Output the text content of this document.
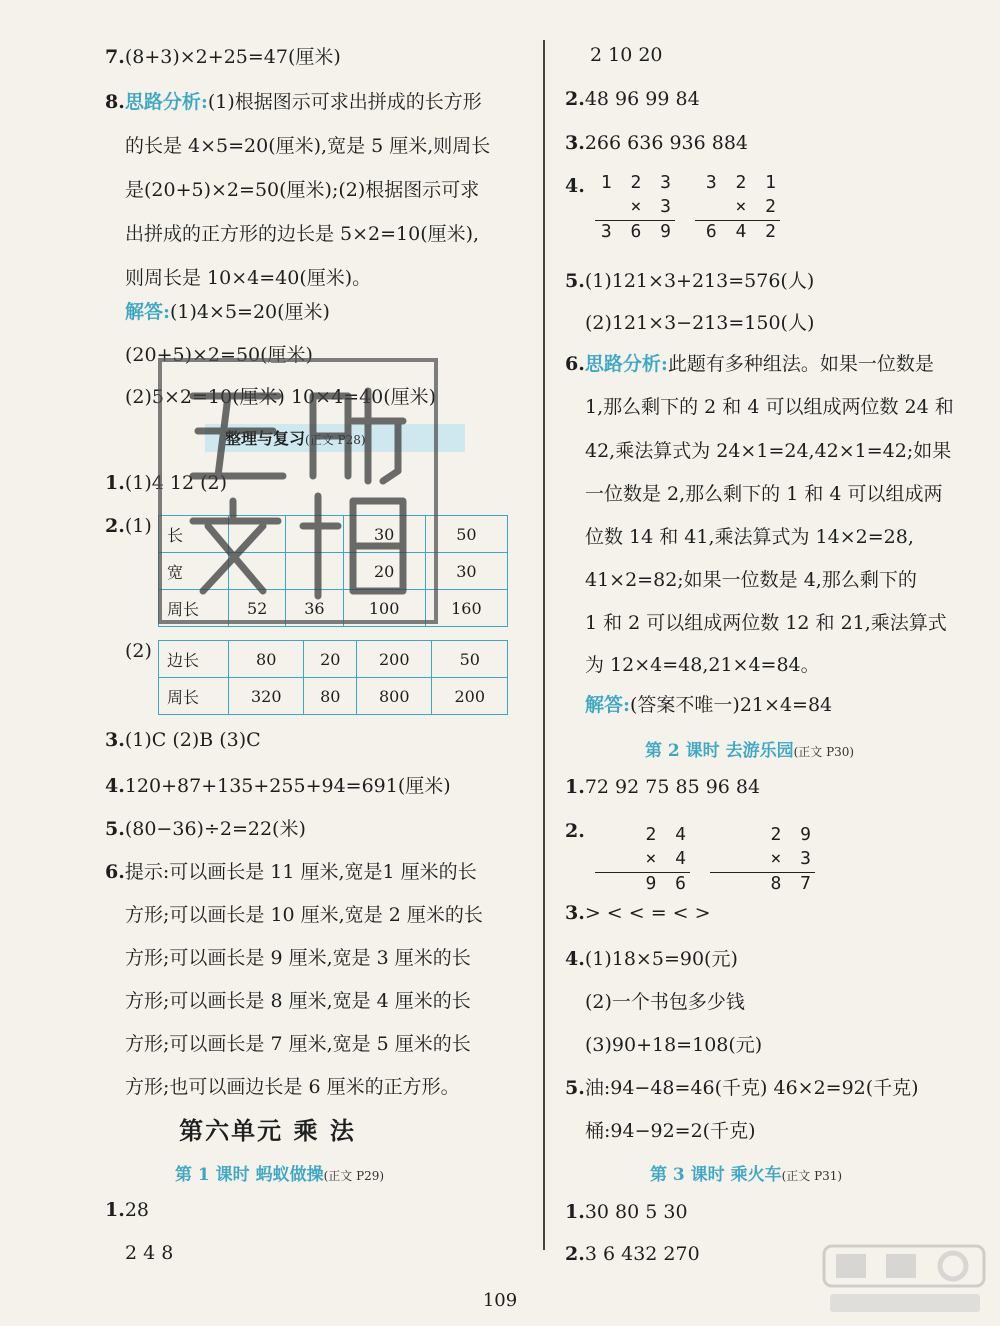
7.(8+3)×2+25=47(厘米)
8.思路分析:(1)根据图示可求出拼成的长方形
的长是 4×5=20(厘米),宽是 5 厘米,则周长
是(20+5)×2=50(厘米);(2)根据图示可求
出拼成的正方形的边长是 5×2=10(厘米),
则周长是 10×4=40(厘米)。
解答:(1)4×5=20(厘米)
(20+5)×2=50(厘米)
(2)5×2=10(厘米) 10×4=40(厘米)
整理与复习(正文 P28)
1.(1)4 12 (2)
2.(1) 长			30	50
宽			20	30
周长	52	36	100	160
(2) 边长	80	20	200	50
周长	320	80	800	200
3.(1)C (2)B (3)C
4.120+87+135+255+94=691(厘米)
5.(80−36)÷2=22(米)
6.提示:可以画长是 11 厘米,宽是1 厘米的长
方形;可以画长是 10 厘米,宽是 2 厘米的长
方形;可以画长是 9 厘米,宽是 3 厘米的长
方形;可以画长是 8 厘米,宽是 4 厘米的长
方形;可以画长是 7 厘米,宽是 5 厘米的长
方形;也可以画边长是 6 厘米的正方形。
第六单元 乘 法
第 1 课时 蚂蚁做操(正文 P29)
1.28
2 4 8
2 10 20
2.48 96 99 84
3.266 636 936 884
4. 1 2 3
× 3
3 6 9
3 2 1
× 2
6 4 2
5.(1)121×3+213=576(人)
(2)121×3−213=150(人)
6.思路分析:此题有多种组法。如果一位数是
1,那么剩下的 2 和 4 可以组成两位数 24 和
42,乘法算式为 24×1=24,42×1=42;如果
一位数是 2,那么剩下的 1 和 4 可以组成两
位数 14 和 41,乘法算式为 14×2=28,
41×2=82;如果一位数是 4,那么剩下的
1 和 2 可以组成两位数 12 和 21,乘法算式
为 12×4=48,21×4=84。
解答:(答案不唯一)21×4=84
第 2 课时 去游乐园(正文 P30)
1.72 92 75 85 96 84
2.	2 4
× 4
9 6
2 9
× 3
8 7
3.> < < = < >
4.(1)18×5=90(元)
(2)一个书包多少钱
(3)90+18=108(元)
5.油:94−48=46(千克) 46×2=92(千克)
桶:94−92=2(千克)
第 3 课时 乘火车(正文 P31)
1.30 80 5 30
2.3 6 432 270
109
